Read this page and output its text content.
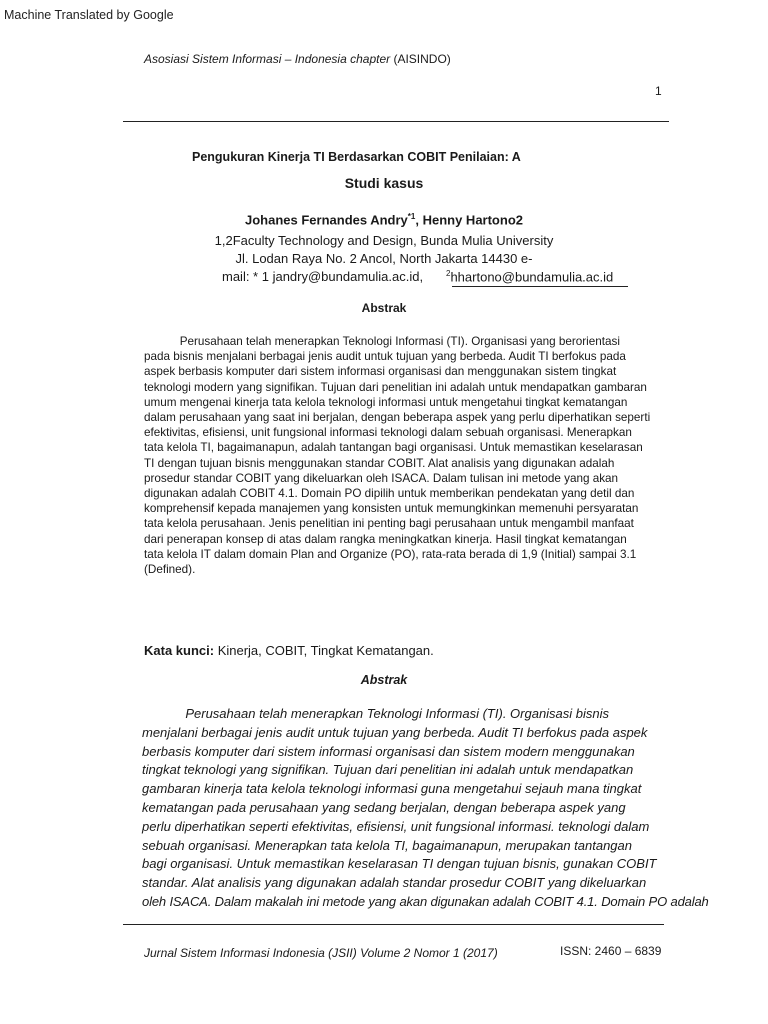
Machine Translated by Google
Asosiasi Sistem Informasi – Indonesia chapter (AISINDO)
1
Pengukuran Kinerja TI Berdasarkan COBIT Penilaian: A
Studi kasus
Johanes Fernandes Andry$^{*1}$, Henny Hartono2
1,2Faculty Technology and Design, Bunda Mulia University
Jl. Lodan Raya No. 2 Ancol, North Jakarta 14430 e-
mail: * 1 jandry@bundamulia.ac.id,	$^2$hhartono@bundamulia.ac.id
Abstrak
Perusahaan telah menerapkan Teknologi Informasi (TI). Organisasi yang berorientasi
pada bisnis menjalani berbagai jenis audit untuk tujuan yang berbeda. Audit TI berfokus pada
aspek berbasis komputer dari sistem informasi organisasi dan menggunakan sistem tingkat
teknologi modern yang signifikan. Tujuan dari penelitian ini adalah untuk mendapatkan gambaran
umum mengenai kinerja tata kelola teknologi informasi untuk mengetahui tingkat kematangan
dalam perusahaan yang saat ini berjalan, dengan beberapa aspek yang perlu diperhatikan seperti
efektivitas, efisiensi, unit fungsional informasi teknologi dalam sebuah organisasi. Menerapkan
tata kelola TI, bagaimanapun, adalah tantangan bagi organisasi. Untuk memastikan keselarasan
TI dengan tujuan bisnis menggunakan standar COBIT. Alat analisis yang digunakan adalah
prosedur standar COBIT yang dikeluarkan oleh ISACA. Dalam tulisan ini metode yang akan
digunakan adalah COBIT 4.1. Domain PO dipilih untuk memberikan pendekatan yang detil dan
komprehensif kepada manajemen yang konsisten untuk memungkinkan memenuhi persyaratan
tata kelola perusahaan. Jenis penelitian ini penting bagi perusahaan untuk mengambil manfaat
dari penerapan konsep di atas dalam rangka meningkatkan kinerja. Hasil tingkat kematangan
tata kelola IT dalam domain Plan and Organize (PO), rata-rata berada di 1,9 (Initial) sampai 3.1
(Defined).
Kata kunci: Kinerja, COBIT, Tingkat Kematangan.
Abstrak
Perusahaan telah menerapkan Teknologi Informasi (TI). Organisasi bisnis
menjalani berbagai jenis audit untuk tujuan yang berbeda. Audit TI berfokus pada aspek
berbasis komputer dari sistem informasi organisasi dan sistem modern menggunakan
tingkat teknologi yang signifikan. Tujuan dari penelitian ini adalah untuk mendapatkan
gambaran kinerja tata kelola teknologi informasi guna mengetahui sejauh mana tingkat
kematangan pada perusahaan yang sedang berjalan, dengan beberapa aspek yang
perlu diperhatikan seperti efektivitas, efisiensi, unit fungsional informasi. teknologi dalam
sebuah organisasi. Menerapkan tata kelola TI, bagaimanapun, merupakan tantangan
bagi organisasi. Untuk memastikan keselarasan TI dengan tujuan bisnis, gunakan COBIT
standar. Alat analisis yang digunakan adalah standar prosedur COBIT yang dikeluarkan
oleh ISACA. Dalam makalah ini metode yang akan digunakan adalah COBIT 4.1. Domain PO adalah
Jurnal Sistem Informasi Indonesia (JSII) Volume 2 Nomor 1 (2017)	ISSN: 2460 – 6839
